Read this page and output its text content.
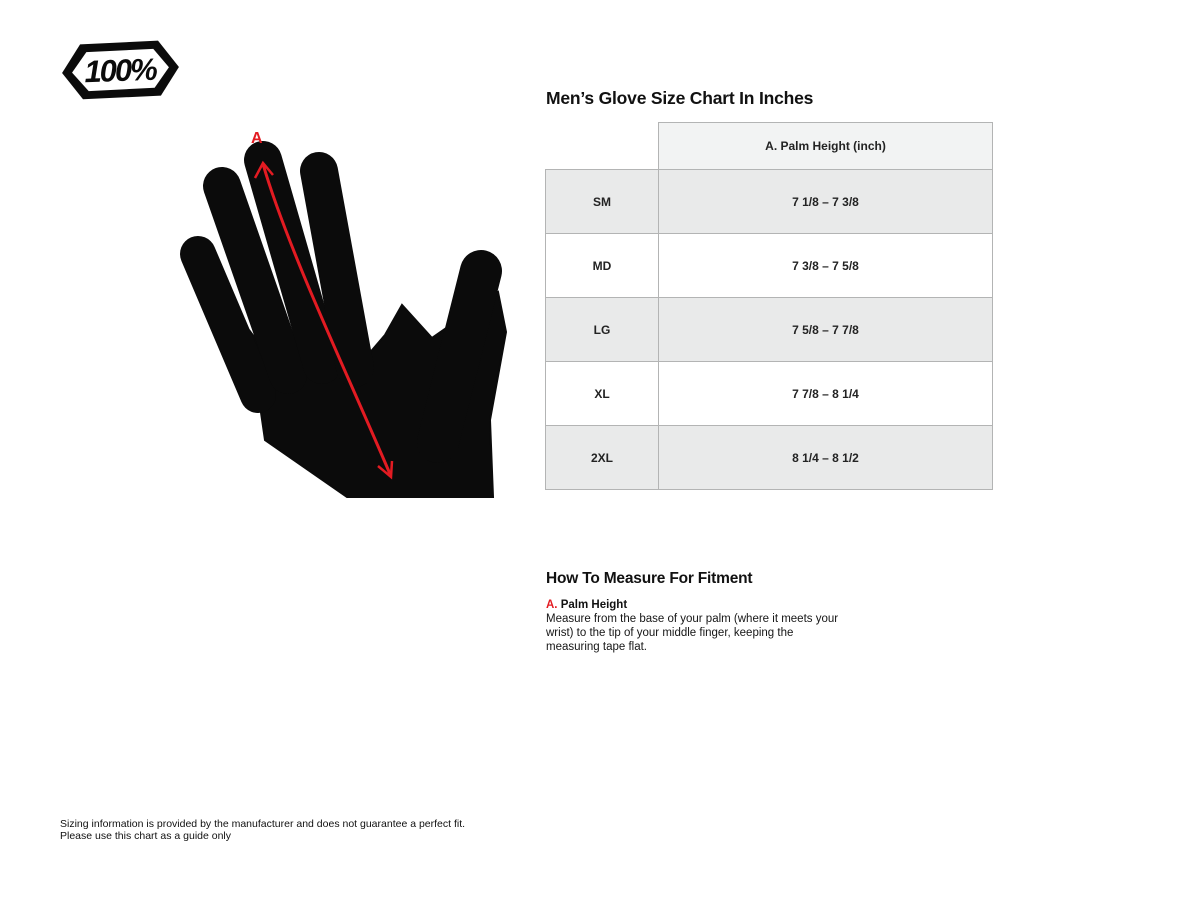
100%
A
Men’s Glove Size Chart In Inches
	A. Palm Height (inch)
SM	7 1/8 – 7 3/8
MD	7 3/8 – 7 5/8
LG	7 5/8 – 7 7/8
XL	7 7/8 – 8 1/4
2XL	8 1/4 – 8 1/2
How To Measure For Fitment
A. Palm Height
Measure from the base of your palm (where it meets your wrist) to the tip of your middle finger, keeping the measuring tape flat.
Sizing information is provided by the manufacturer and does not guarantee a perfect fit.
Please use this chart as a guide only
